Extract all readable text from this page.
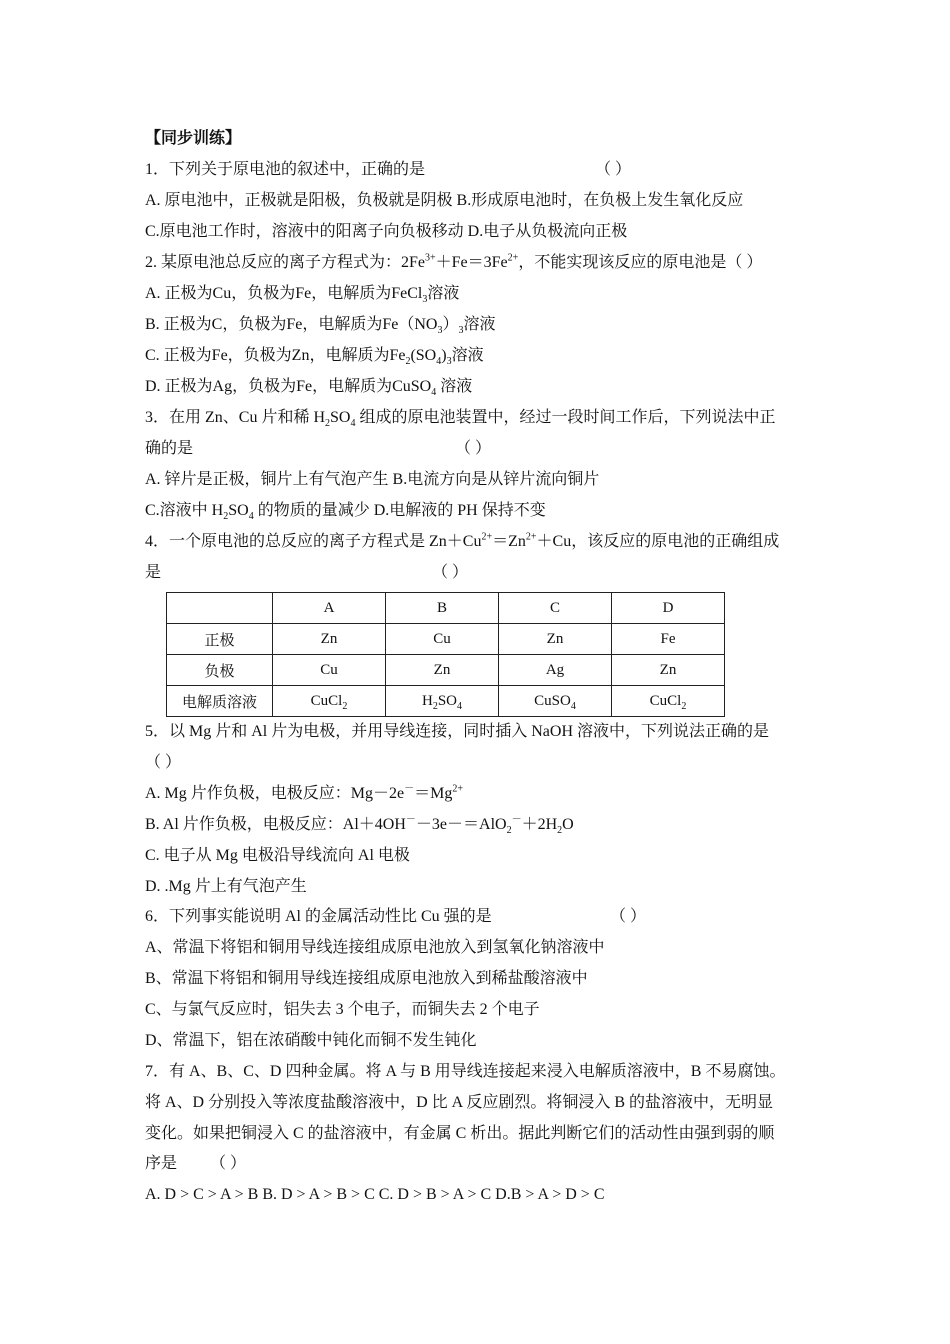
【同步训练】
1．下列关于原电池的叙述中，正确的是	（ ）
A. 原电池中，正极就是阳极，负极就是阴极 B.形成原电池时，在负极上发生氧化反应
C.原电池工作时，溶液中的阳离子向负极移动 D.电子从负极流向正极
2. 某原电池总反应的离子方程式为：$2Fe^{3+}+Fe=3Fe^{2+}$，不能实现该反应的原电池是（ ）
A. 正极为Cu，负极为Fe，电解质为FeCl$_3$溶液
B. 正极为C，负极为Fe，电解质为$Fe(NO_3)_3$溶液
C. 正极为Fe，负极为Zn，电解质为$Fe_2(SO_4)_3$溶液
D. 正极为Ag，负极为Fe，电解质为CuSO$_4$ 溶液
3．在用 Zn、Cu 片和稀 $H_2SO_4$ 组成的原电池装置中，经过一段时间工作后，下列说法中正
确的是	（ ）
A. 锌片是正极，铜片上有气泡产生 B.电流方向是从锌片流向铜片
C.溶液中 $H_2SO_4$ 的物质的量减少 D.电解液的 PH 保持不变
4．一个原电池的总反应的离子方程式是 $Zn+Cu^{2+}=Zn^{2+}+Cu$，该反应的原电池的正确组成
是	（ ）
	A	B	C	D
正极	Zn	Cu	Zn	Fe
负极	Cu	Zn	Ag	Zn
电解质溶液	CuCl$_2$	$H_2SO_4$	CuSO$_4$	CuCl$_2$
5．以 Mg 片和 Al 片为电极，并用导线连接，同时插入 NaOH 溶液中，下列说法正确的是
（ ）
A. Mg 片作负极，电极反应：$Mg-2e^-=Mg^{2+}$
B. Al 片作负极，电极反应：$Al+4OH^--3e-=AlO_2^-+2H_2O$
C. 电子从 Mg 电极沿导线流向 Al 电极
D. .Mg 片上有气泡产生
6．下列事实能说明 Al 的金属活动性比 Cu 强的是	（ ）
A、常温下将铝和铜用导线连接组成原电池放入到氢氧化钠溶液中
B、常温下将铝和铜用导线连接组成原电池放入到稀盐酸溶液中
C、与氯气反应时，铝失去 3 个电子，而铜失去 2 个电子
D、常温下，铝在浓硝酸中钝化而铜不发生钝化
7．有 A、B、C、D 四种金属。将 A 与 B 用导线连接起来浸入电解质溶液中，B 不易腐蚀。
将 A、D 分别投入等浓度盐酸溶液中，D 比 A 反应剧烈。将铜浸入 B 的盐溶液中，无明显
变化。如果把铜浸入 C 的盐溶液中，有金属 C 析出。据此判断它们的活动性由强到弱的顺
序是 （ ）
A. D > C > A > B B. D > A > B > C C. D > B > A > C D.B > A > D > C
